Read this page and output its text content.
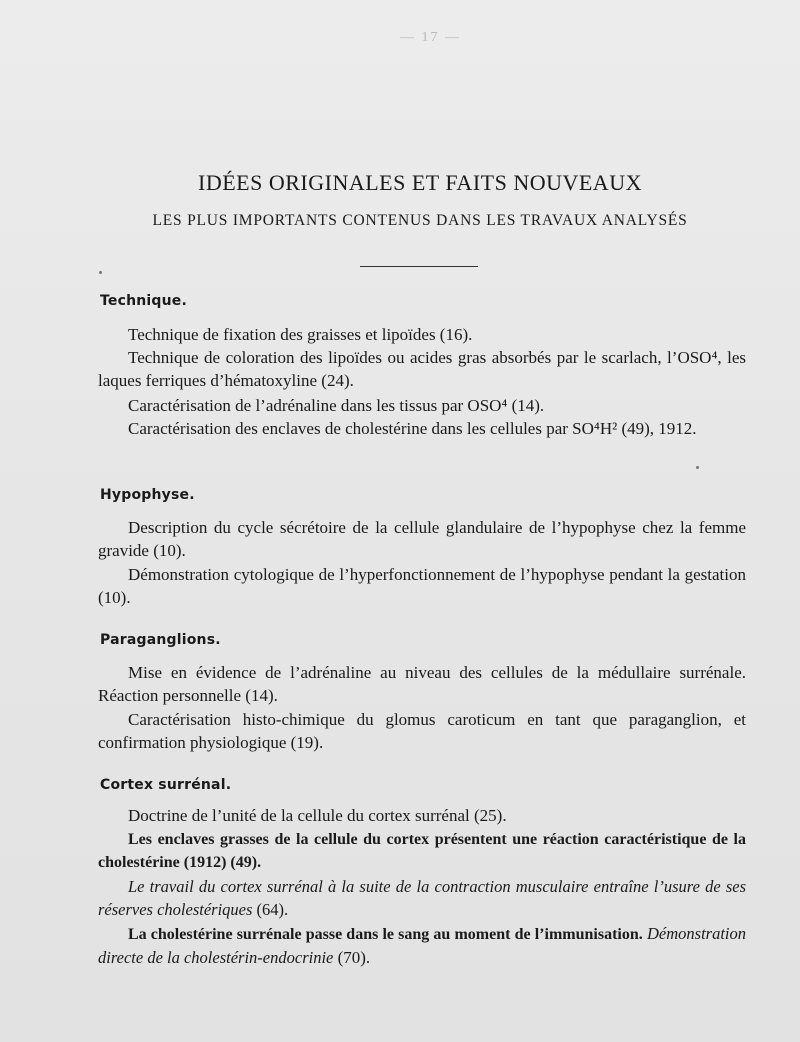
— 17 —
IDÉES ORIGINALES ET FAITS NOUVEAUX
LES PLUS IMPORTANTS CONTENUS DANS LES TRAVAUX ANALYSÉS
Technique.
Technique de fixation des graisses et lipoïdes (16).
Technique de coloration des lipoïdes ou acides gras absorbés par le scarlach, l’OSO⁴, les laques ferriques d’hématoxyline (24).
Caractérisation de l’adrénaline dans les tissus par OSO⁴ (14).
Caractérisation des enclaves de cholestérine dans les cellules par SO⁴H² (49), 1912.
Hypophyse.
Description du cycle sécrétoire de la cellule glandulaire de l’hypophyse chez la femme gravide (10).
Démonstration cytologique de l’hyperfonctionnement de l’hypophyse pendant la gestation (10).
Paraganglions.
Mise en évidence de l’adrénaline au niveau des cellules de la médullaire surrénale. Réaction personnelle (14).
Caractérisation histo-chimique du glomus caroticum en tant que paraganglion, et confirmation physiologique (19).
Cortex surrénal.
Doctrine de l’unité de la cellule du cortex surrénal (25).
Les enclaves grasses de la cellule du cortex présentent une réaction caractéristique de la cholestérine (1912) (49).
Le travail du cortex surrénal à la suite de la contraction musculaire entraîne l’usure de ses réserves cholestériques (64).
La cholestérine surrénale passe dans le sang au moment de l’immunisation. Démonstration directe de la cholestérin-endocrinie (70).
